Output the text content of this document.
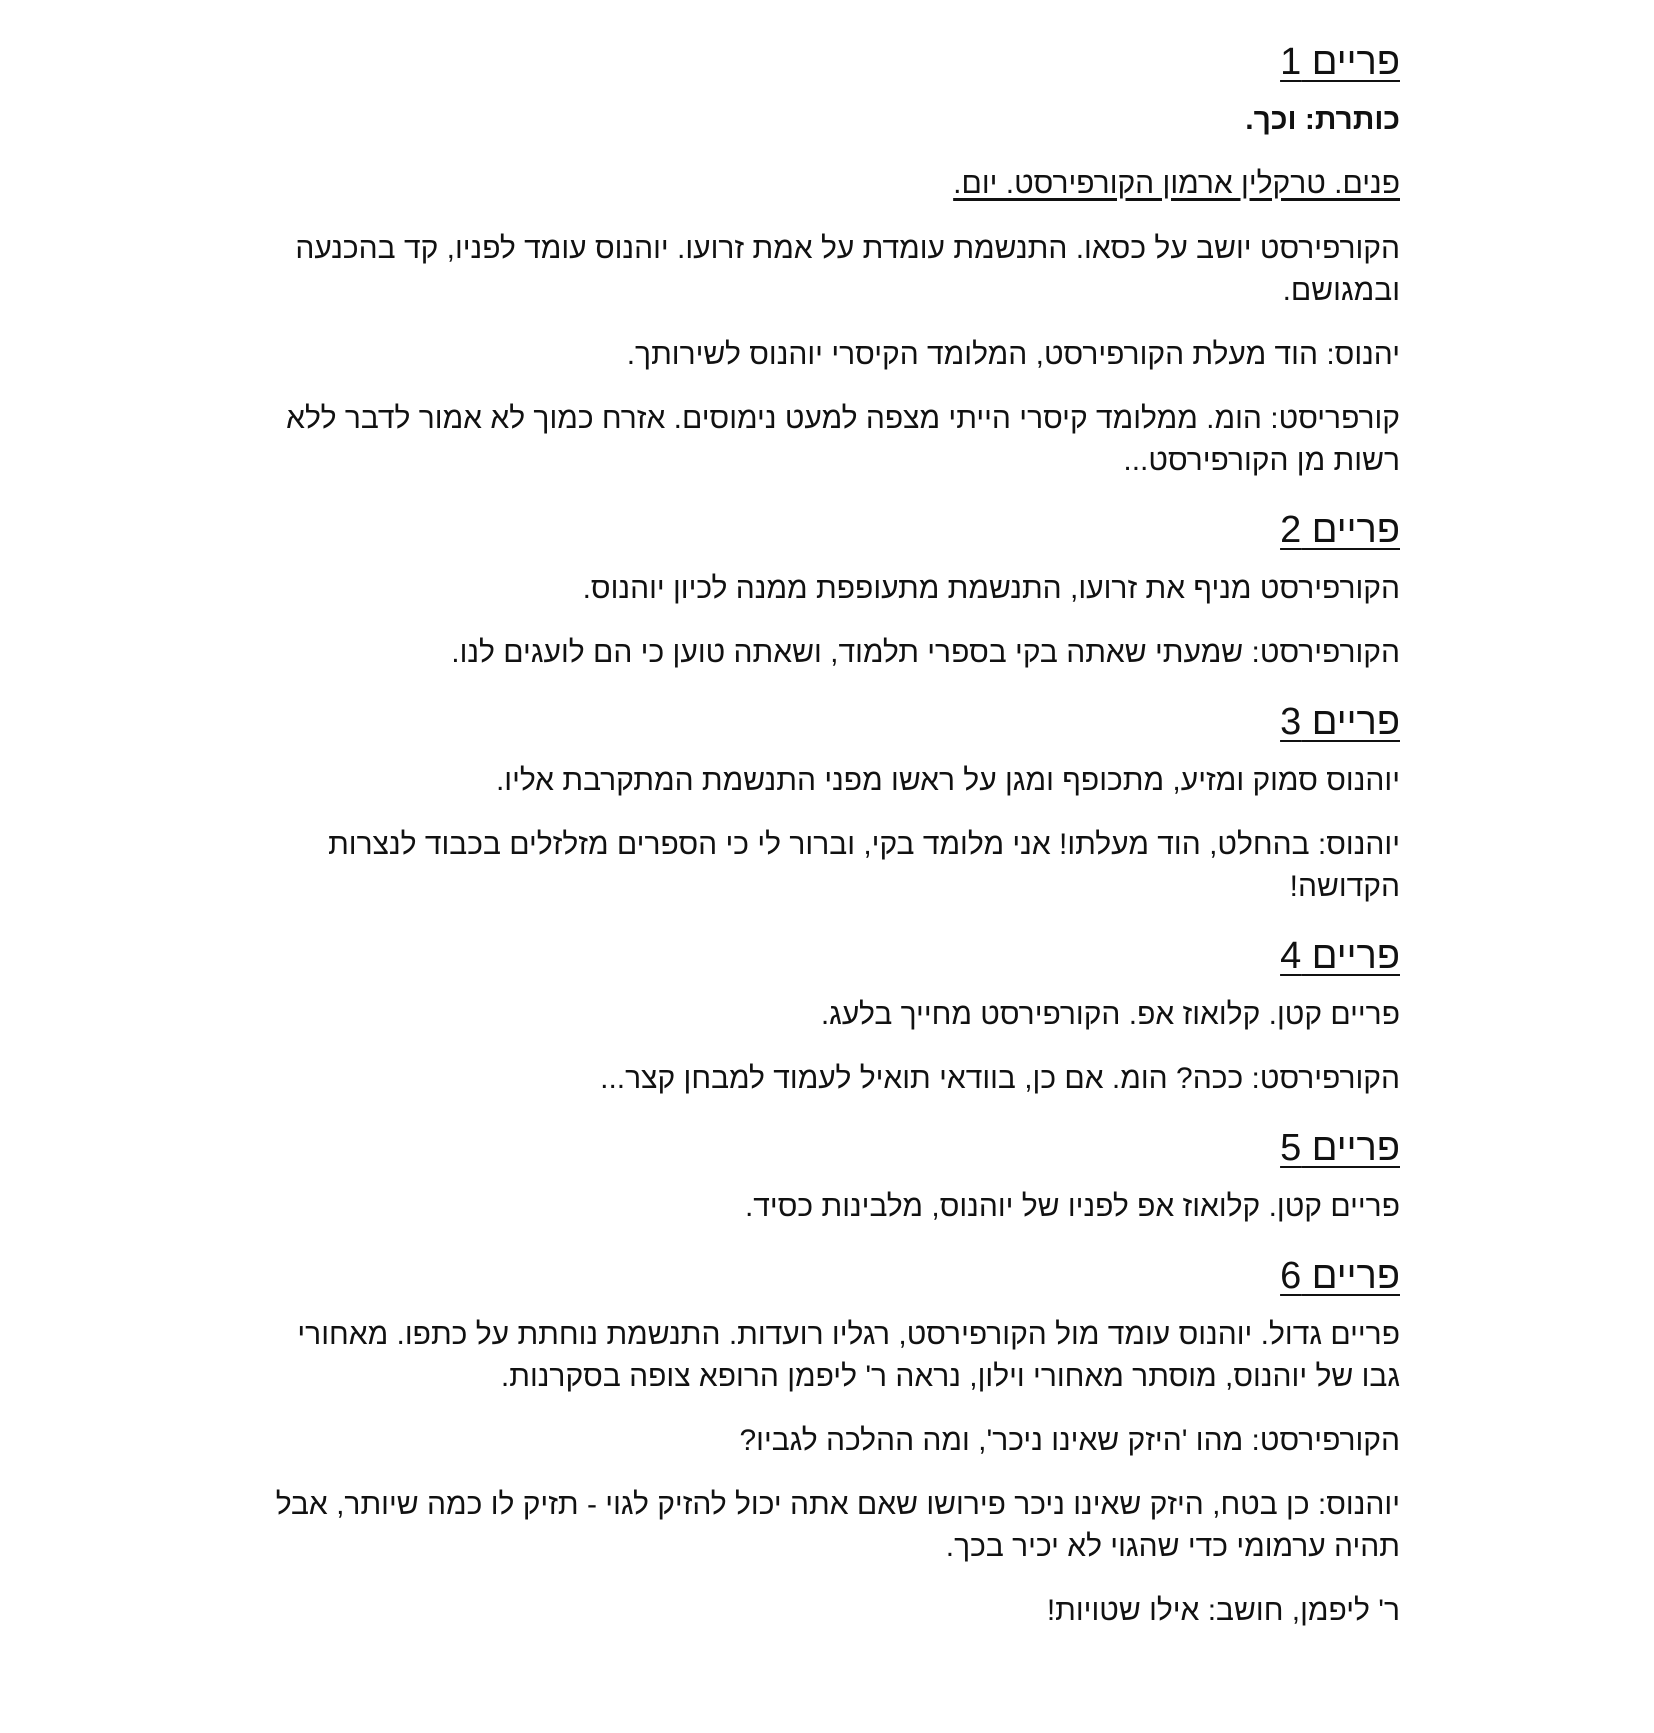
פריים 1

כותרת: וכך.

פנים. טרקלין ארמון הקורפירסט. יום.

הקורפירסט יושב על כסאו. התנשמת עומדת על אמת זרועו. יוהנוס עומד לפניו, קד בהכנעה ובמגושם.

יהנוס: הוד מעלת הקורפירסט, המלומד הקיסרי יוהנוס לשירותך.

קורפריסט: הומ. ממלומד קיסרי הייתי מצפה למעט נימוסים. אזרח כמוך לא אמור לדבר ללא רשות מן הקורפירסט...

פריים 2

הקורפירסט מניף את זרועו, התנשמת מתעופפת ממנה לכיון יוהנוס.

הקורפירסט: שמעתי שאתה בקי בספרי תלמוד, ושאתה טוען כי הם לועגים לנו.

פריים 3

יוהנוס סמוק ומזיע, מתכופף ומגן על ראשו מפני התנשמת המתקרבת אליו.

יוהנוס: בהחלט, הוד מעלתו! אני מלומד בקי, וברור לי כי הספרים מזלזלים בכבוד לנצרות הקדושה!

פריים 4

פריים קטן. קלואוז אפ. הקורפירסט מחייך בלעג.

הקורפירסט: ככה? הומ. אם כן, בוודאי תואיל לעמוד למבחן קצר...

פריים 5

פריים קטן. קלואוז אפ לפניו של יוהנוס, מלבינות כסיד.

פריים 6

פריים גדול. יוהנוס עומד מול הקורפירסט, רגליו רועדות. התנשמת נוחתת על כתפו. מאחורי גבו של יוהנוס, מוסתר מאחורי וילון, נראה ר' ליפמן הרופא צופה בסקרנות.

הקורפירסט: מהו 'היזק שאינו ניכר', ומה ההלכה לגביו?

יוהנוס: כן בטח, היזק שאינו ניכר פירושו שאם אתה יכול להזיק לגוי - תזיק לו כמה שיותר, אבל תהיה ערמומי כדי שהגוי לא יכיר בכך.

ר' ליפמן, חושב: אילו שטויות!
